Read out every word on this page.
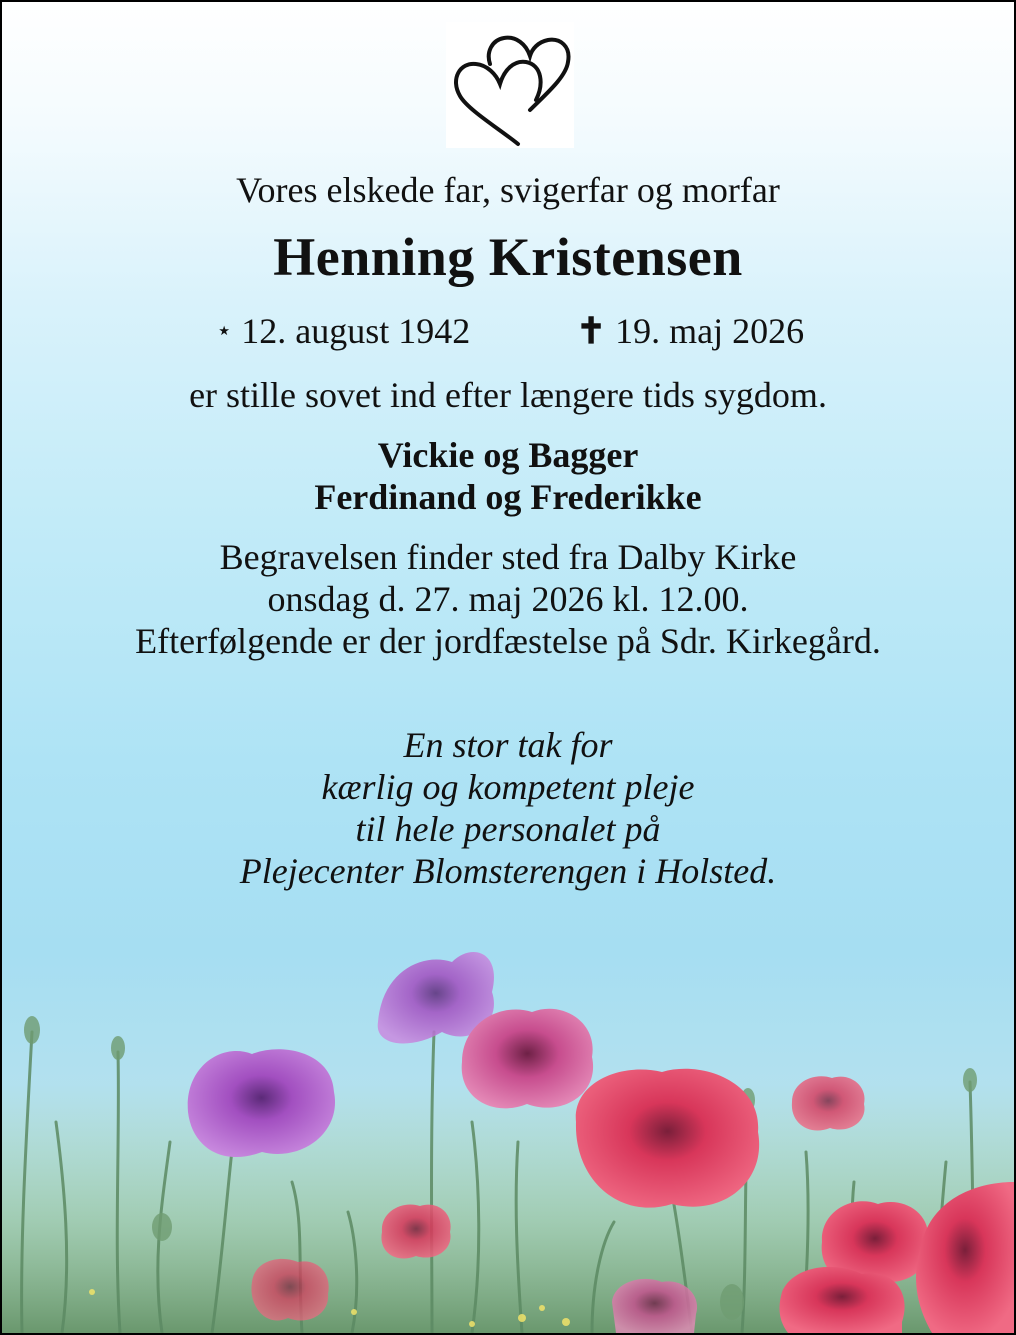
Vores elskede far, svigerfar og morfar
Henning Kristensen
⋆ 12. august 1942	✝ 19. maj 2026
er stille sovet ind efter længere tids sygdom.
Vickie og Bagger
Ferdinand og Frederikke
Begravelsen finder sted fra Dalby Kirke
onsdag d. 27. maj 2026 kl. 12.00.
Efterfølgende er der jordfæstelse på Sdr. Kirkegård.
En stor tak for
kærlig og kompetent pleje
til hele personalet på
Plejecenter Blomsterengen i Holsted.
